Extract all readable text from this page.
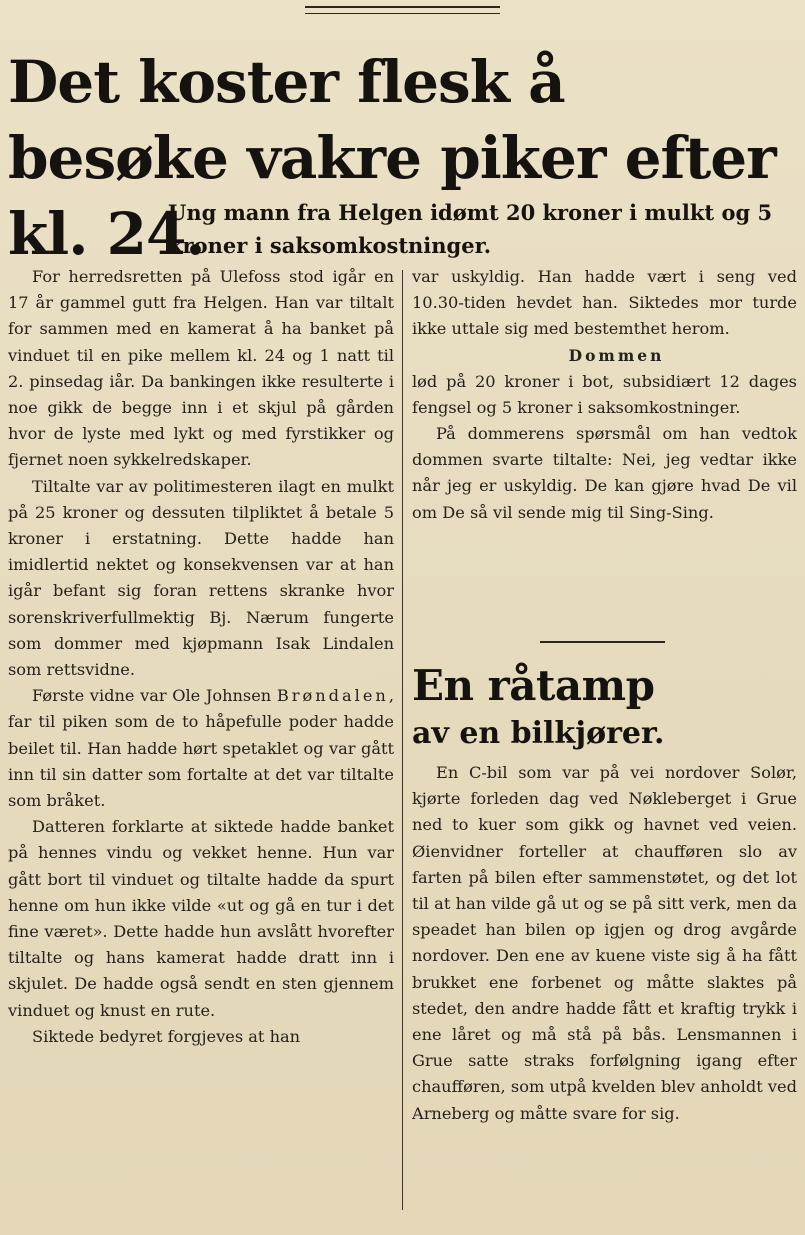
Det koster flesk å besøke vakre piker efter kl. 24.
Ung mann fra Helgen idømt 20 kroner i mulkt og 5 kroner i saksomkostninger.

For herredsretten på Ulefoss stod igår en 17 år gammel gutt fra Helgen. Han var tiltalt for sammen med en kamerat å ha banket på vinduet til en pike mellem kl. 24 og 1 natt til 2. pinsedag iår. Da bankingen ikke resulterte i noe gikk de begge inn i et skjul på gården hvor de lyste med lykt og med fyrstikker og fjernet noen sykkelredskaper.

Tiltalte var av politimesteren ilagt en mulkt på 25 kroner og dessuten tilpliktet å betale 5 kroner i erstatning. Dette hadde han imidlertid nektet og konsekvensen var at han igår befant sig foran rettens skranke hvor sorenskriverfullmektig Bj. Nærum fungerte som dommer med kjøpmann Isak Lindalen som rettsvidne.

Første vidne var Ole Johnsen Brøndalen, far til piken som de to håpefulle poder hadde beilet til. Han hadde hørt spetaklet og var gått inn til sin datter som fortalte at det var tiltalte som bråket.

Datteren forklarte at siktede hadde banket på hennes vindu og vekket henne. Hun var gått bort til vinduet og tiltalte hadde da spurt henne om hun ikke vilde «ut og gå en tur i det fine været». Dette hadde hun avslått hvorefter tiltalte og hans kamerat hadde dratt inn i skjulet. De hadde også sendt en sten gjennem vinduet og knust en rute.

Siktede bedyret forgjeves at han

var uskyldig. Han hadde vært i seng ved 10.30-tiden hevdet han. Siktedes mor turde ikke uttale sig med bestemthet herom.

Dommen

lød på 20 kroner i bot, subsidiært 12 dages fengsel og 5 kroner i saksomkostninger.

På dommerens spørsmål om han vedtok dommen svarte tiltalte: Nei, jeg vedtar ikke når jeg er uskyldig. De kan gjøre hvad De vil om De så vil sende mig til Sing-Sing.

En råtamp
av en bilkjører.

En C-bil som var på vei nordover Solør, kjørte forleden dag ved Nøkleberget i Grue ned to kuer som gikk og havnet ved veien. Øienvidner forteller at chaufføren slo av farten på bilen efter sammenstøtet, og det lot til at han vilde gå ut og se på sitt verk, men da speadet han bilen op igjen og drog avgårde nordover. Den ene av kuene viste sig å ha fått brukket ene forbenet og måtte slaktes på stedet, den andre hadde fått et kraftig trykk i ene låret og må stå på bås. Lensmannen i Grue satte straks forfølgning igang efter chaufføren, som utpå kvelden blev anholdt ved Arneberg og måtte svare for sig.
